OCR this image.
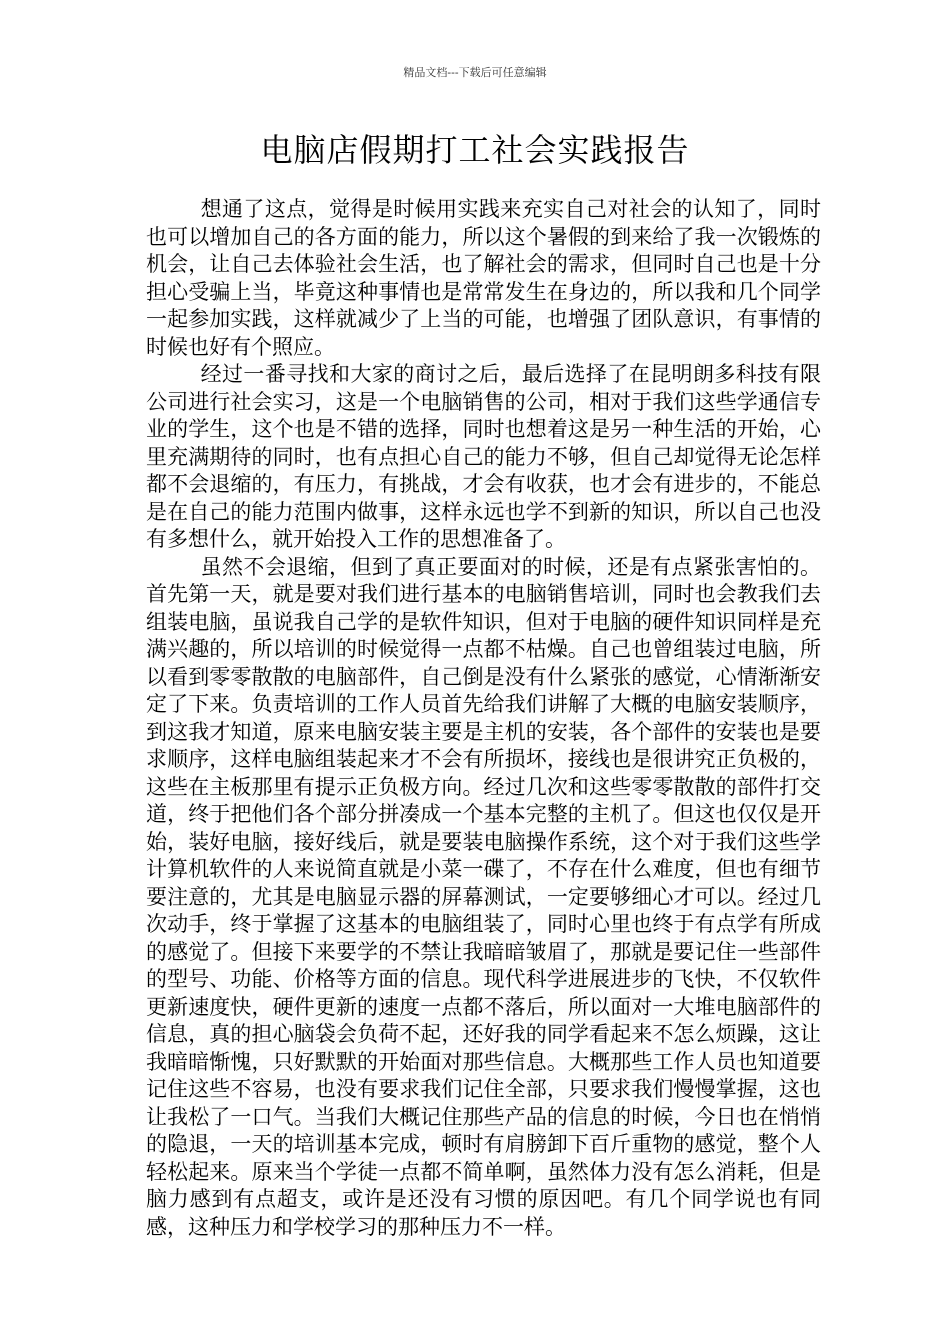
精品文档---下载后可任意编辑
电脑店假期打工社会实践报告

想通了这点，觉得是时候用实践来充实自己对社会的认知了，同时也可以增加自己的各方面的能力，所以这个暑假的到来给了我一次锻炼的机会，让自己去体验社会生活，也了解社会的需求，但同时自己也是十分担心受骗上当，毕竟这种事情也是常常发生在身边的，所以我和几个同学一起参加实践，这样就减少了上当的可能，也增强了团队意识，有事情的时候也好有个照应。

经过一番寻找和大家的商讨之后，最后选择了在昆明朗多科技有限公司进行社会实习，这是一个电脑销售的公司，相对于我们这些学通信专业的学生，这个也是不错的选择，同时也想着这是另一种生活的开始，心里充满期待的同时，也有点担心自己的能力不够，但自己却觉得无论怎样都不会退缩的，有压力，有挑战，才会有收获，也才会有进步的，不能总是在自己的能力范围内做事，这样永远也学不到新的知识，所以自己也没有多想什么，就开始投入工作的思想准备了。

虽然不会退缩，但到了真正要面对的时候，还是有点紧张害怕的。首先第一天，就是要对我们进行基本的电脑销售培训，同时也会教我们去组装电脑，虽说我自己学的是软件知识，但对于电脑的硬件知识同样是充满兴趣的，所以培训的时候觉得一点都不枯燥。自己也曾组装过电脑，所以看到零零散散的电脑部件，自己倒是没有什么紧张的感觉，心情渐渐安定了下来。负责培训的工作人员首先给我们讲解了大概的电脑安装顺序，到这我才知道，原来电脑安装主要是主机的安装，各个部件的安装也是要求顺序，这样电脑组装起来才不会有所损坏，接线也是很讲究正负极的，这些在主板那里有提示正负极方向。经过几次和这些零零散散的部件打交道，终于把他们各个部分拼凑成一个基本完整的主机了。但这也仅仅是开始，装好电脑，接好线后，就是要装电脑操作系统，这个对于我们这些学计算机软件的人来说简直就是小菜一碟了，不存在什么难度，但也有细节要注意的，尤其是电脑显示器的屏幕测试，一定要够细心才可以。经过几次动手，终于掌握了这基本的电脑组装了，同时心里也终于有点学有所成的感觉了。但接下来要学的不禁让我暗暗皱眉了，那就是要记住一些部件的型号、功能、价格等方面的信息。现代科学进展进步的飞快，不仅软件更新速度快，硬件更新的速度一点都不落后，所以面对一大堆电脑部件的信息，真的担心脑袋会负荷不起，还好我的同学看起来不怎么烦躁，这让我暗暗惭愧，只好默默的开始面对那些信息。大概那些工作人员也知道要记住这些不容易，也没有要求我们记住全部，只要求我们慢慢掌握，这也让我松了一口气。当我们大概记住那些产品的信息的时候，今日也在悄悄的隐退，一天的培训基本完成，顿时有肩膀卸下百斤重物的感觉，整个人轻松起来。原来当个学徒一点都不简单啊，虽然体力没有怎么消耗，但是脑力感到有点超支，或许是还没有习惯的原因吧。有几个同学说也有同感，这种压力和学校学习的那种压力不一样。
